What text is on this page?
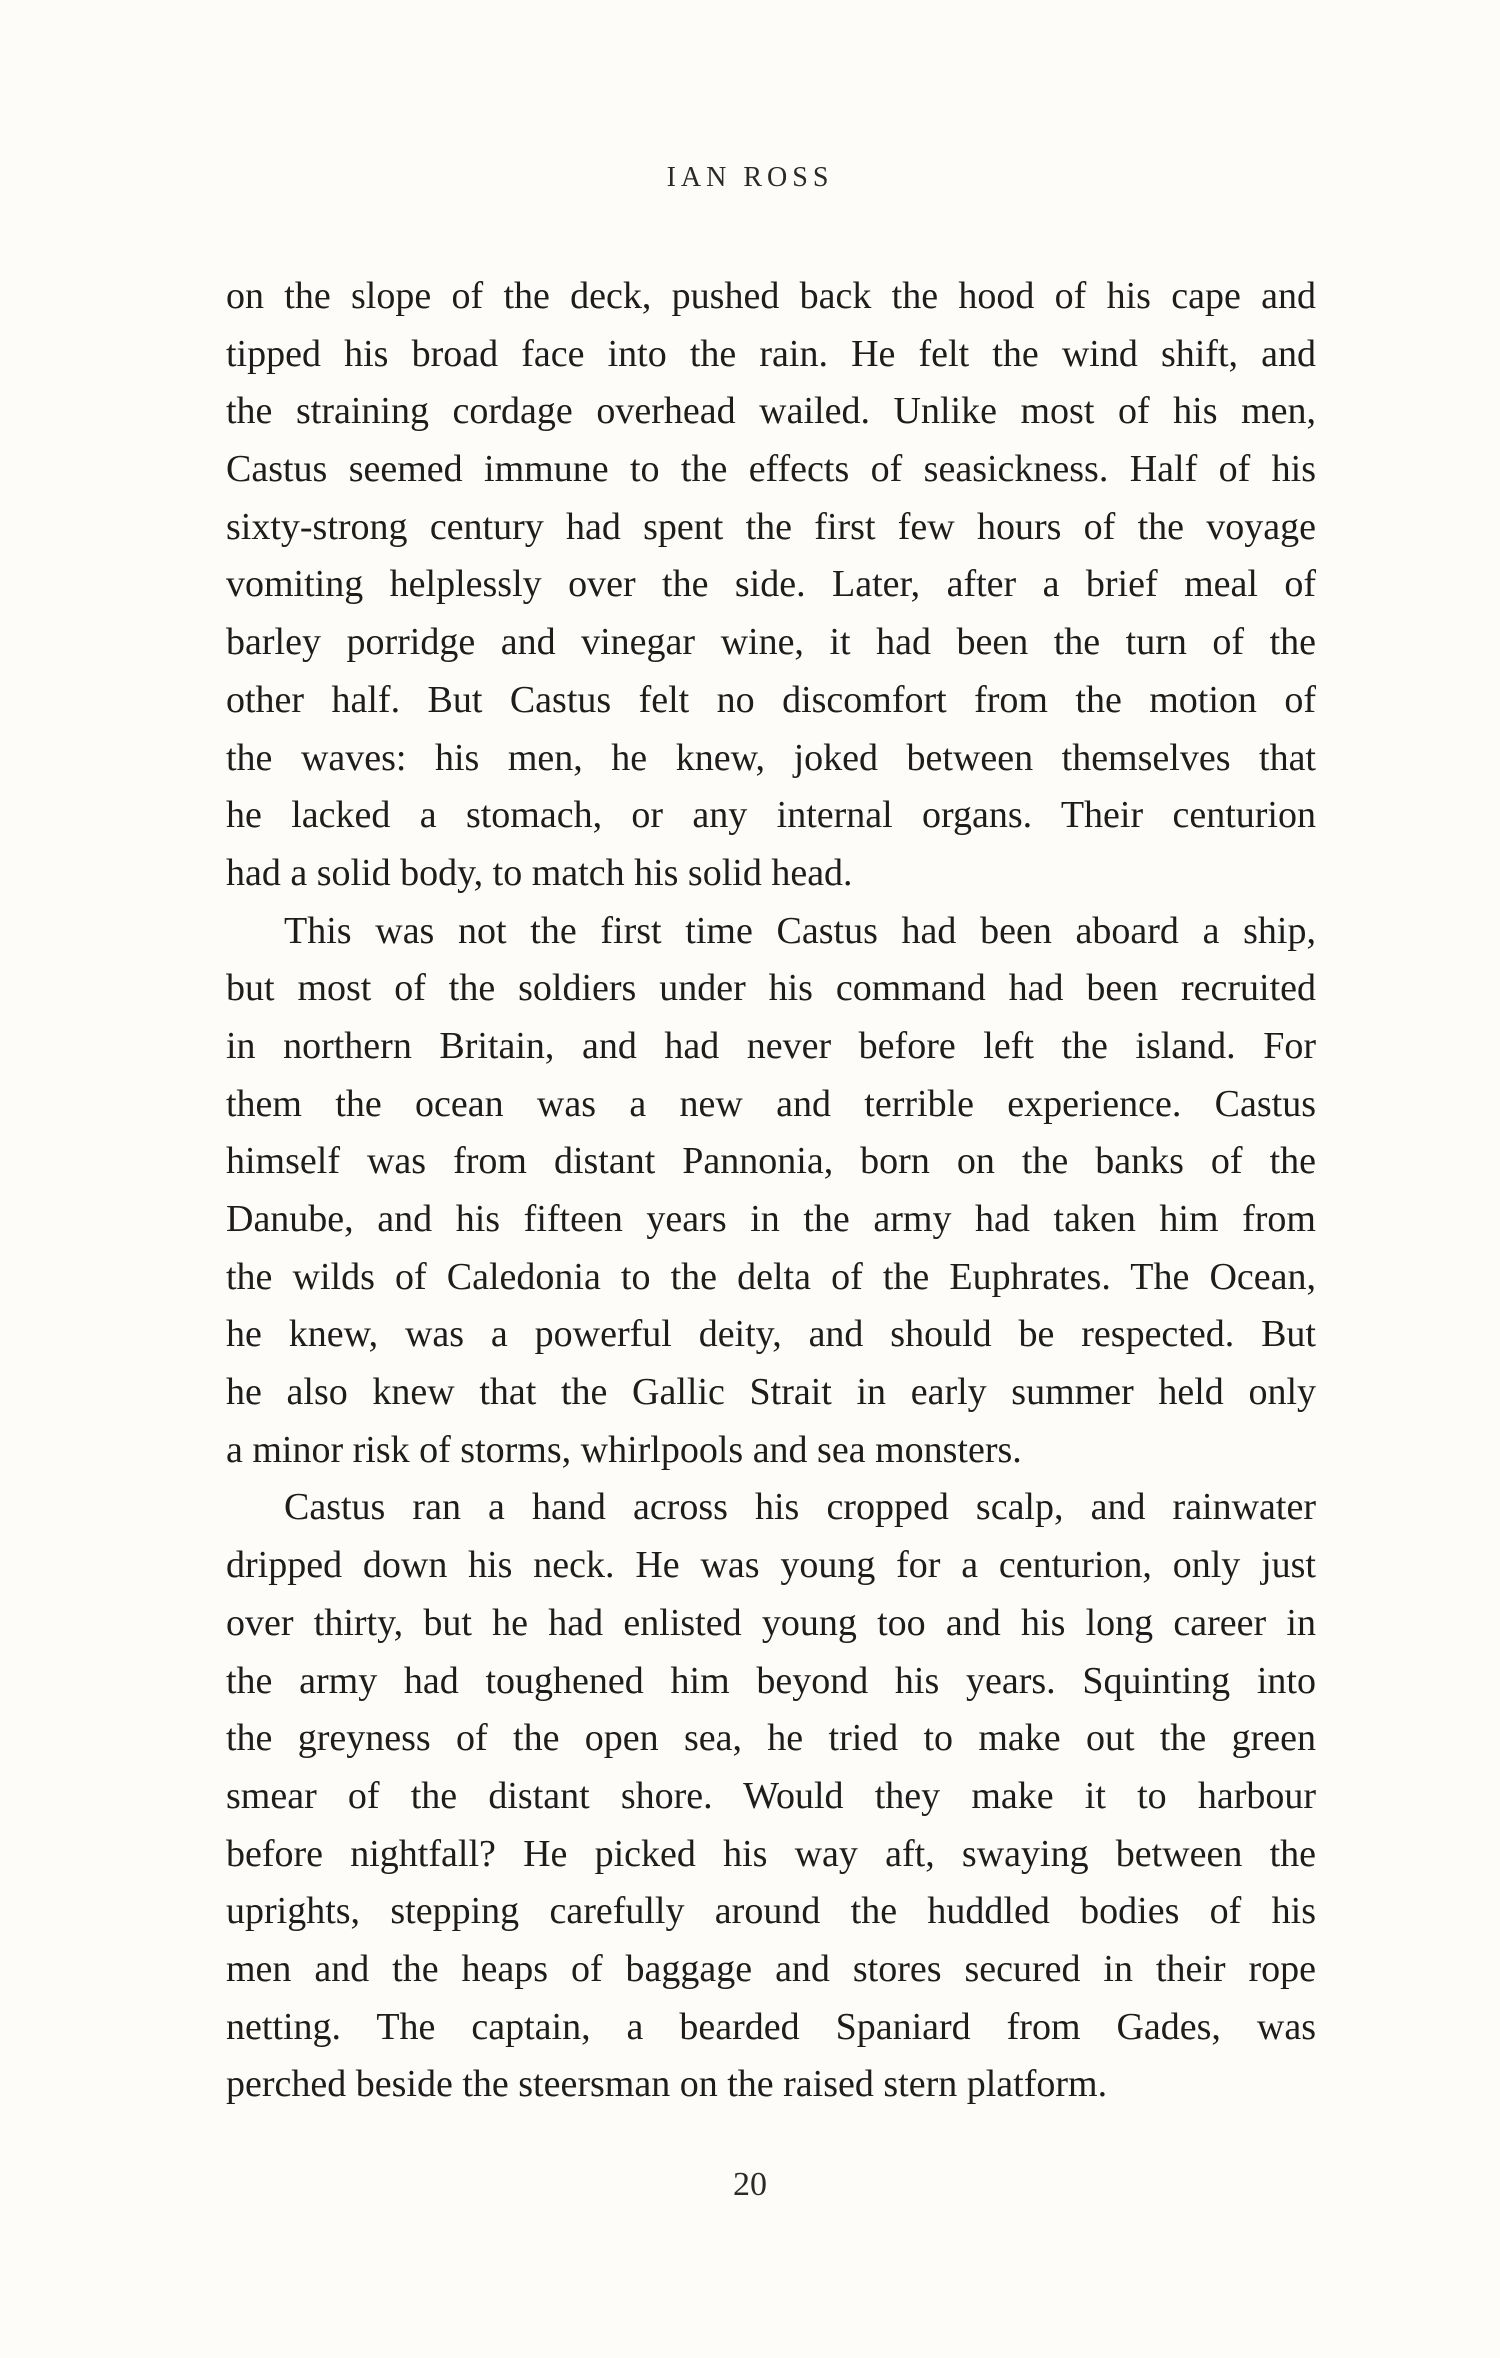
IAN ROSS
on the slope of the deck, pushed back the hood of his cape and
tipped his broad face into the rain. He felt the wind shift, and
the straining cordage overhead wailed. Unlike most of his men,
Castus seemed immune to the effects of seasickness. Half of his
sixty-strong century had spent the first few hours of the voyage
vomiting helplessly over the side. Later, after a brief meal of
barley porridge and vinegar wine, it had been the turn of the
other half. But Castus felt no discomfort from the motion of
the waves: his men, he knew, joked between themselves that
he lacked a stomach, or any internal organs. Their centurion
had a solid body, to match his solid head.
This was not the first time Castus had been aboard a ship,
but most of the soldiers under his command had been recruited
in northern Britain, and had never before left the island. For
them the ocean was a new and terrible experience. Castus
himself was from distant Pannonia, born on the banks of the
Danube, and his fifteen years in the army had taken him from
the wilds of Caledonia to the delta of the Euphrates. The Ocean,
he knew, was a powerful deity, and should be respected. But
he also knew that the Gallic Strait in early summer held only
a minor risk of storms, whirlpools and sea monsters.
Castus ran a hand across his cropped scalp, and rainwater
dripped down his neck. He was young for a centurion, only just
over thirty, but he had enlisted young too and his long career in
the army had toughened him beyond his years. Squinting into
the greyness of the open sea, he tried to make out the green
smear of the distant shore. Would they make it to harbour
before nightfall? He picked his way aft, swaying between the
uprights, stepping carefully around the huddled bodies of his
men and the heaps of baggage and stores secured in their rope
netting. The captain, a bearded Spaniard from Gades, was
perched beside the steersman on the raised stern platform.
20
